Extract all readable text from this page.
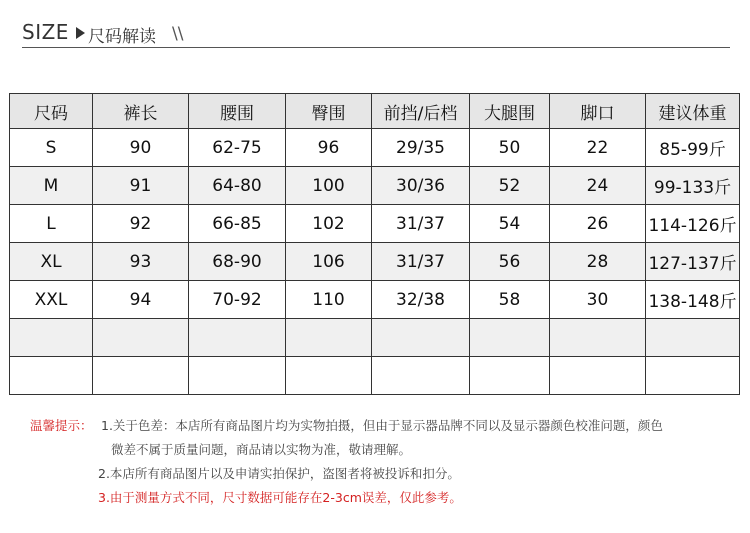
SIZE 尺码解读 \\
尺码	裤长	腰围	臀围	前挡/后档	大腿围	脚口	建议体重
S	90	62-75	96	29/35	50	22	85-99斤
M	91	64-80	100	30/36	52	24	99-133斤
L	92	66-85	102	31/37	54	26	114-126斤
XL	93	68-90	106	31/37	56	28	127-137斤
XXL	94	70-92	110	32/38	58	30	138-148斤

温馨提示： 1.关于色差：本店所有商品图片均为实物拍摄，但由于显示器品牌不同以及显示器颜色校准问题，颜色
微差不属于质量问题，商品请以实物为准，敬请理解。
2.本店所有商品图片以及申请实拍保护，盗图者将被投诉和扣分。
3.由于测量方式不同，尺寸数据可能存在2-3cm误差，仅此参考。
